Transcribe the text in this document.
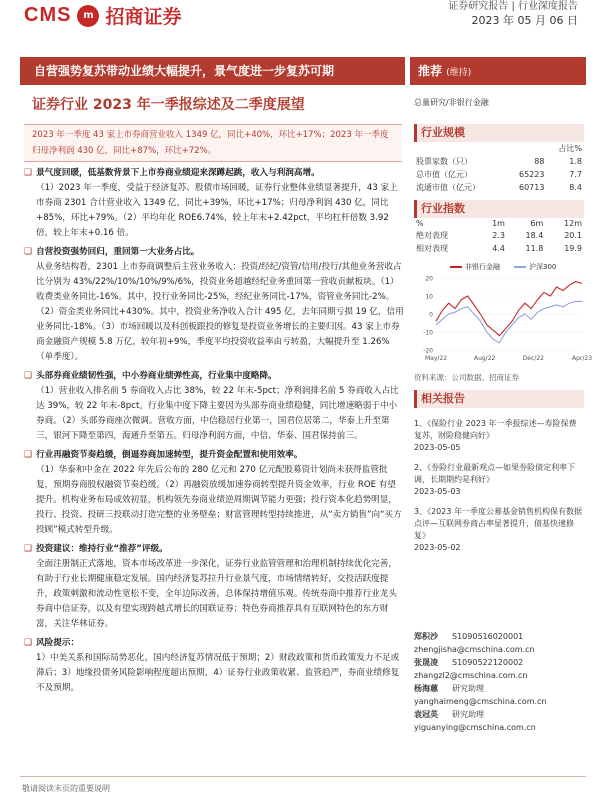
CMS	m 招商证券	证券研究报告 | 行业深度报告
2023 年 05 月 06 日
自营强势复苏带动业绩大幅提升，景气度进一步复苏可期	推荐 (维持)
证券行业 2023 年一季报综述及二季度展望	总量研究/非银行金融
2023 年一季度 43 家上市券商营业收入 1349 亿，同比+40%，环比+17%；2023 年一季度归母净利润 430 亿，同比+87%，环比+72%。
❑ 景气度回暖，低基数背景下上市券商业绩迎来深蹲起跳，收入与利润高增。
（1）2023 年一季度，受益于经济复苏、股债市场回暖，证券行业整体业绩显著提升，43 家上市券商 2301 合计营业收入 1349 亿，同比+39%，环比+17%；归母净利润 430 亿，同比+85%，环比+79%。（2）平均年化 ROE6.74%，较上年末+2.42pct，平均杠杆倍数 3.92 倍，较上年末+0.16 倍。
❑ 自营投资强势回归，重回第一大业务占比。
从业务结构看，2301 上市券商调整后主营业务收入：投资/经纪/资管/信用/投行/其他业务营收占比分别为 43%/22%/10%/10%/9%/6%，投资业务超越经纪业务重回第一营收贡献板块。（1）收费类业务同比-16%。其中，投行业务同比-25%，经纪业务同比-17%，资管业务同比-2%。（2）资金类业务同比+430%。其中，投资业务净收入合计 495 亿，去年同期亏损 19 亿，信用业务同比-18%。（3）市场回暖以及科创板跟投的修复是投资业务增长的主要归因。43 家上市券商金融资产规模 5.8 万亿，较年初+9%，季度平均投资收益率由亏转盈，大幅提升至 1.26%（单季度）。
❑ 头部券商业绩韧性强，中小券商业绩弹性高，行业集中度略降。
（1）营业收入排名前 5 券商收入占比 38%，较 22 年末-5pct；净利润排名前 5 券商收入占比达 39%，较 22 年末-8pct。行业集中度下降主要因为头部券商业绩稳健，同比增速略弱于中小券商。（2）头部券商座次微调。营收方面，中信稳居行业第一，国君位居第二，华泰上升至第三，银河下降至第四，海通升至第五。归母净利润方面，中信、华泰、国君保持前三。
❑ 行业再融资节奏趋缓，倒逼券商加速转型，提升资金配置和使用效率。
（1）华泰和中金在 2022 年先后公布的 280 亿元和 270 亿元配股募资计划尚未获得监管批复，预期券商股权融资节奏趋缓。（2）再融资放缓加速券商转型提升资金效率，行业 ROE 有望提升。机构业务布局成效初显，机构领先券商业绩逆周期调节能力更强；投行资本化趋势明显，投行、投资、投研三投联动打造完整的业务壁垒；财富管理转型持续推进，从“卖方销售”向“买方投顾”模式转型升级。
❑ 投资建议：维持行业“推荐”评级。
全面注册制正式落地，资本市场改革进一步深化，证券行业监管管理和治理机制持续优化完善，有助于行业长期健康稳定发展。国内经济复苏拉升行业景气度，市场情绪转好，交投活跃度提升，政策刺激和流动性宽松不变，全年边际改善，总体保持增值乐观。传统券商中推荐行业龙头券商中信证券，以及有望实现跨越式增长的国联证券；特色券商推荐具有互联网特色的东方财富，关注华林证券。
❑ 风险提示：
1）中美关系和国际局势恶化，国内经济复苏情况低于预期；2）财政政策和货币政策发力不足或滞后；3）地缘投债务风险影响程度超出预期，4）证券行业政策收紧、监管趋严，券商业绩修复不及预期。
行业规模
		占比%
股票家数（只）	88	1.8
总市值（亿元）	65223	7.7
流通市值（亿元）	60713	8.4
行业指数
%	1m	6m	12m
绝对表现	2.3	18.4	20.1
相对表现	4.4	11.8	19.9
非银行金融	沪深300
20
10
0
-10
-20
May/22	Aug/22	Dec/22	Apr/23
资料来源：公司数据、招商证券
相关报告
1、《保险行业 2023 年一季报综述—寿险保费复苏，财险稳健向好》
2023-05-05
2、《券险行业最新观点—如果券险债定利率下调，长期期约是利好》
2023-05-03
3、《2023 年一季度公募基金销售机构保有数据点评—互联网券商占率显著提升，债基快速修复》
2023-05-02
郑积沙 S1090516020001
zhengjisha@cmschina.com.cn
张晟凌 S1090522120002
zhangzl2@cmschina.com.cn
杨海蕙 研究助理
yanghaimeng@cmschina.com.cn
袁冠英 研究助理
yiguanying@cmschina.com.cn
敬请阅读末页的重要说明
